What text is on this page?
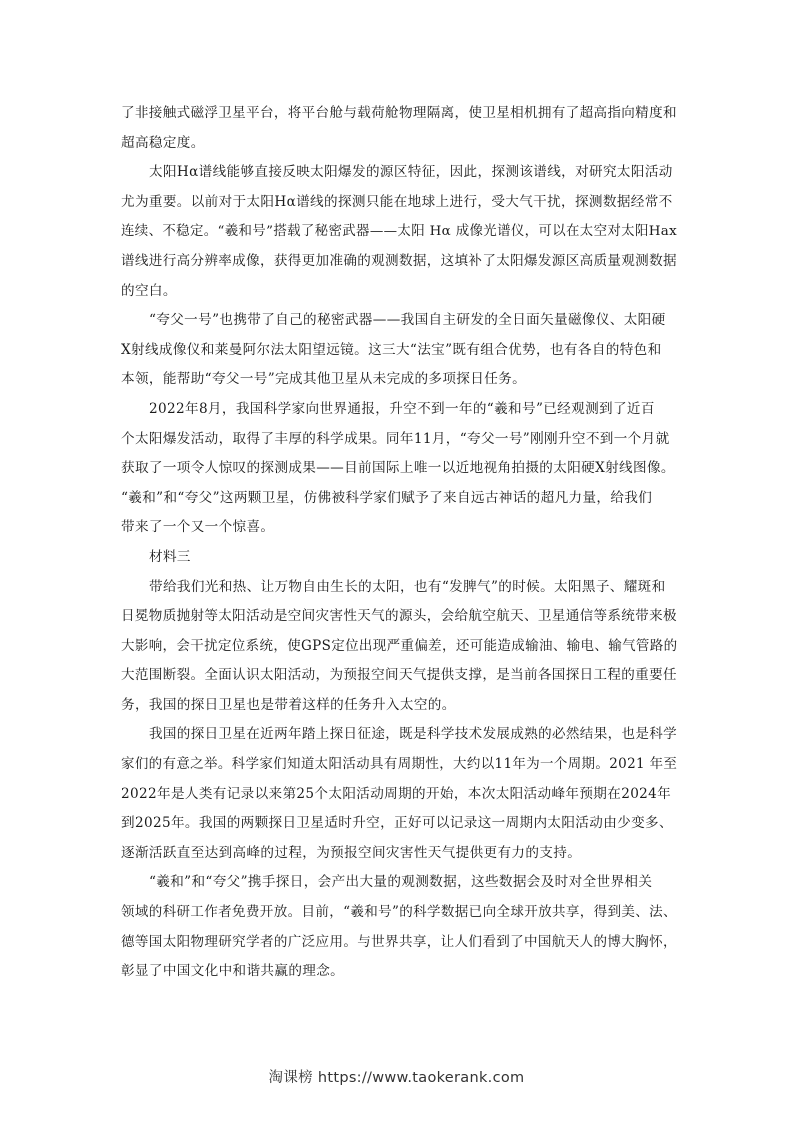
了非接触式磁浮卫星平台，将平台舱与载荷舱物理隔离，使卫星相机拥有了超高指向精度和
超高稳定度。
太阳Hα谱线能够直接反映太阳爆发的源区特征，因此，探测该谱线，对研究太阳活动
尤为重要。以前对于太阳Hα谱线的探测只能在地球上进行，受大气干扰，探测数据经常不
连续、不稳定。“羲和号”搭载了秘密武器——太阳 Hα 成像光谱仪，可以在太空对太阳Hax
谱线进行高分辨率成像，获得更加准确的观测数据，这填补了太阳爆发源区高质量观测数据
的空白。
“夸父一号”也携带了自己的秘密武器——我国自主研发的全日面矢量磁像仪、太阳硬
X射线成像仪和莱曼阿尔法太阳望远镜。这三大“法宝”既有组合优势，也有各自的特色和
本领，能帮助“夸父一号”完成其他卫星从未完成的多项探日任务。
2022年8月，我国科学家向世界通报，升空不到一年的“羲和号”已经观测到了近百
个太阳爆发活动，取得了丰厚的科学成果。同年11月，“夸父一号”刚刚升空不到一个月就
获取了一项令人惊叹的探测成果——目前国际上唯一以近地视角拍摄的太阳硬X射线图像。
“羲和”和“夸父”这两颗卫星，仿佛被科学家们赋予了来自远古神话的超凡力量，给我们
带来了一个又一个惊喜。
材料三
带给我们光和热、让万物自由生长的太阳，也有“发脾气”的时候。太阳黑子、耀斑和
日冕物质抛射等太阳活动是空间灾害性天气的源头，会给航空航天、卫星通信等系统带来极
大影响，会干扰定位系统，使GPS定位出现严重偏差，还可能造成输油、输电、输气管路的
大范围断裂。全面认识太阳活动，为预报空间天气提供支撑，是当前各国探日工程的重要任
务，我国的探日卫星也是带着这样的任务升入太空的。
我国的探日卫星在近两年踏上探日征途，既是科学技术发展成熟的必然结果，也是科学
家们的有意之举。科学家们知道太阳活动具有周期性，大约以11年为一个周期。2021 年至
2022年是人类有记录以来第25个太阳活动周期的开始，本次太阳活动峰年预期在2024年
到2025年。我国的两颗探日卫星适时升空，正好可以记录这一周期内太阳活动由少变多、
逐渐活跃直至达到高峰的过程，为预报空间灾害性天气提供更有力的支持。
“羲和”和“夸父”携手探日，会产出大量的观测数据，这些数据会及时对全世界相关
领域的科研工作者免费开放。目前，“羲和号”的科学数据已向全球开放共享，得到美、法、
德等国太阳物理研究学者的广泛应用。与世界共享，让人们看到了中国航天人的博大胸怀，
彰显了中国文化中和谐共赢的理念。
淘课榜 https://www.taokerank.com
